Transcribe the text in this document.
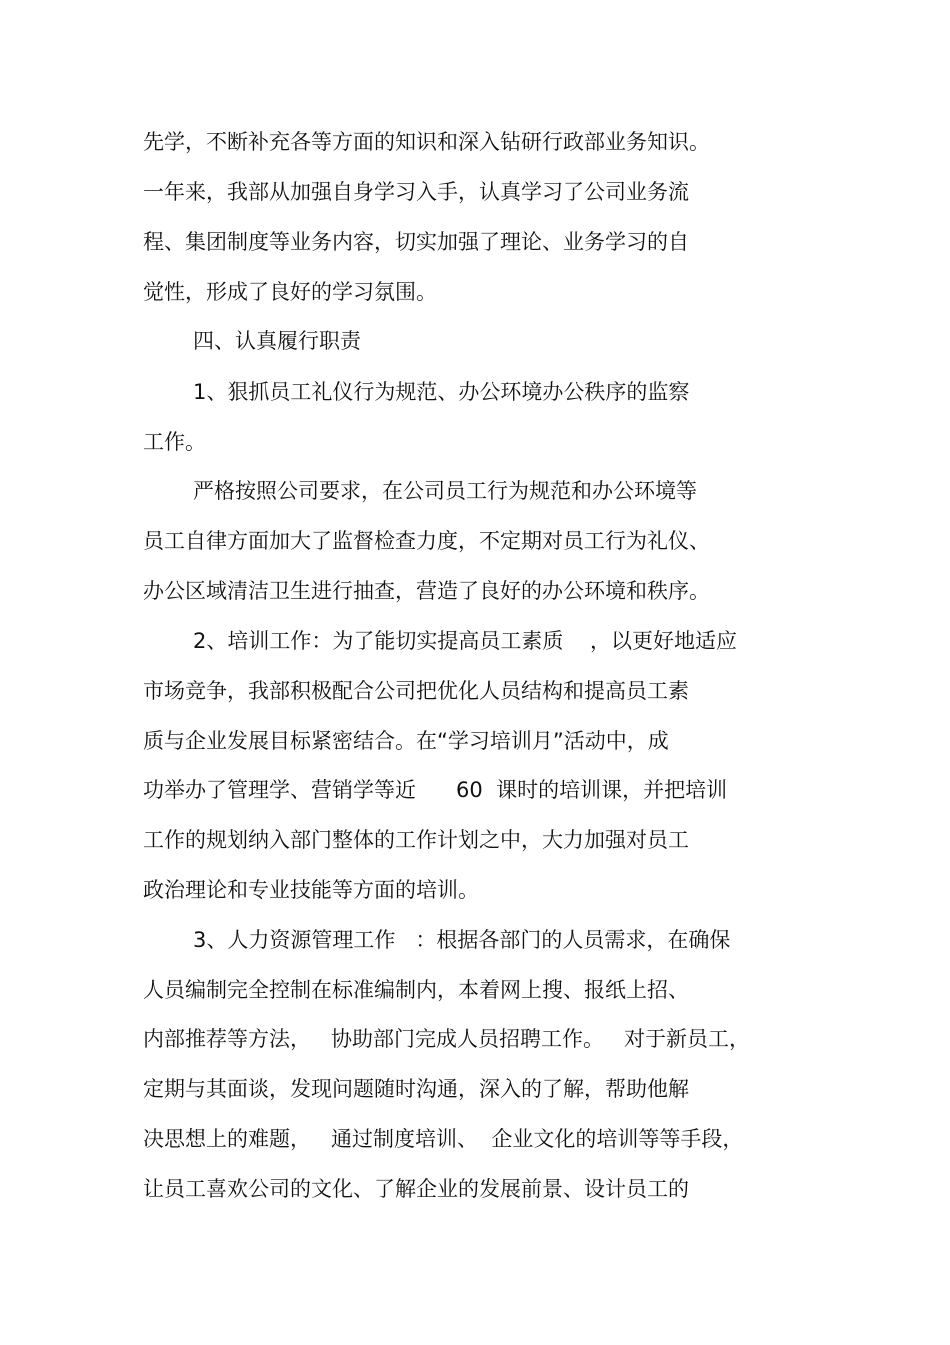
先学，不断补充各等方面的知识和深入钻研行政部业务知识。
一年来，我部从加强自身学习入手，认真学习了公司业务流
程、集团制度等业务内容，切实加强了理论、业务学习的自
觉性，形成了良好的学习氛围。
四、认真履行职责
1、狠抓员工礼仪行为规范、办公环境办公秩序的监察
工作。
严格按照公司要求，在公司员工行为规范和办公环境等
员工自律方面加大了监督检查力度，不定期对员工行为礼仪、
办公区域清洁卫生进行抽查，营造了良好的办公环境和秩序。
2、培训工作：为了能切实提高员工素质    ，以更好地适应
市场竞争，我部积极配合公司把优化人员结构和提高员工素
质与企业发展目标紧密结合。在“学习培训月”活动中，成
功举办了管理学、营销学等近      60  课时的培训课，并把培训
工作的规划纳入部门整体的工作计划之中，大力加强对员工
政治理论和专业技能等方面的培训。
3、人力资源管理工作   ：根据各部门的人员需求，在确保
人员编制完全控制在标准编制内，本着网上搜、报纸上招、
内部推荐等方法，   协助部门完成人员招聘工作。   对于新员工，
定期与其面谈，发现问题随时沟通，深入的了解，帮助他解
决思想上的难题，   通过制度培训、  企业文化的培训等等手段，
让员工喜欢公司的文化、了解企业的发展前景、设计员工的
